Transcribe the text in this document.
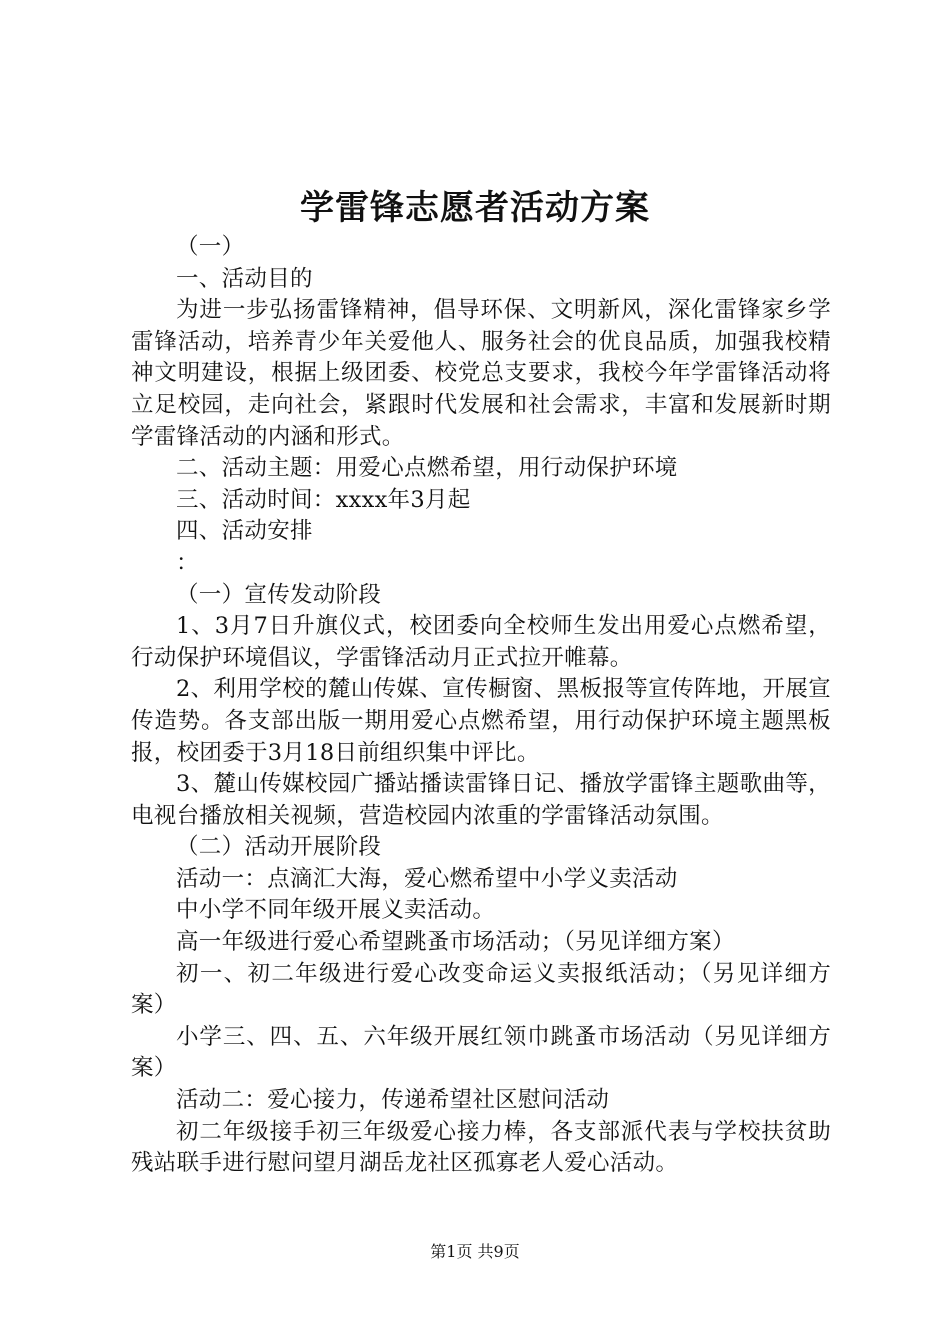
学雷锋志愿者活动方案

（一）

一、活动目的

为进一步弘扬雷锋精神，倡导环保、文明新风，深化雷锋家乡学雷锋活动，培养青少年关爱他人、服务社会的优良品质，加强我校精神文明建设，根据上级团委、校党总支要求，我校今年学雷锋活动将立足校园，走向社会，紧跟时代发展和社会需求，丰富和发展新时期学雷锋活动的内涵和形式。

二、活动主题：用爱心点燃希望，用行动保护环境

三、活动时间：xxxx年3月起

四、活动安排

：

（一）宣传发动阶段

1、3月7日升旗仪式，校团委向全校师生发出用爱心点燃希望，行动保护环境倡议，学雷锋活动月正式拉开帷幕。

2、利用学校的麓山传媒、宣传橱窗、黑板报等宣传阵地，开展宣传造势。各支部出版一期用爱心点燃希望，用行动保护环境主题黑板报，校团委于3月18日前组织集中评比。

3、麓山传媒校园广播站播读雷锋日记、播放学雷锋主题歌曲等，电视台播放相关视频，营造校园内浓重的学雷锋活动氛围。

（二）活动开展阶段

活动一：点滴汇大海，爱心燃希望中小学义卖活动

中小学不同年级开展义卖活动。

高一年级进行爱心希望跳蚤市场活动；（另见详细方案）

初一、初二年级进行爱心改变命运义卖报纸活动；（另见详细方案）

小学三、四、五、六年级开展红领巾跳蚤市场活动（另见详细方案）

活动二：爱心接力，传递希望社区慰问活动

初二年级接手初三年级爱心接力棒，各支部派代表与学校扶贫助残站联手进行慰问望月湖岳龙社区孤寡老人爱心活动。

第1页 共9页
